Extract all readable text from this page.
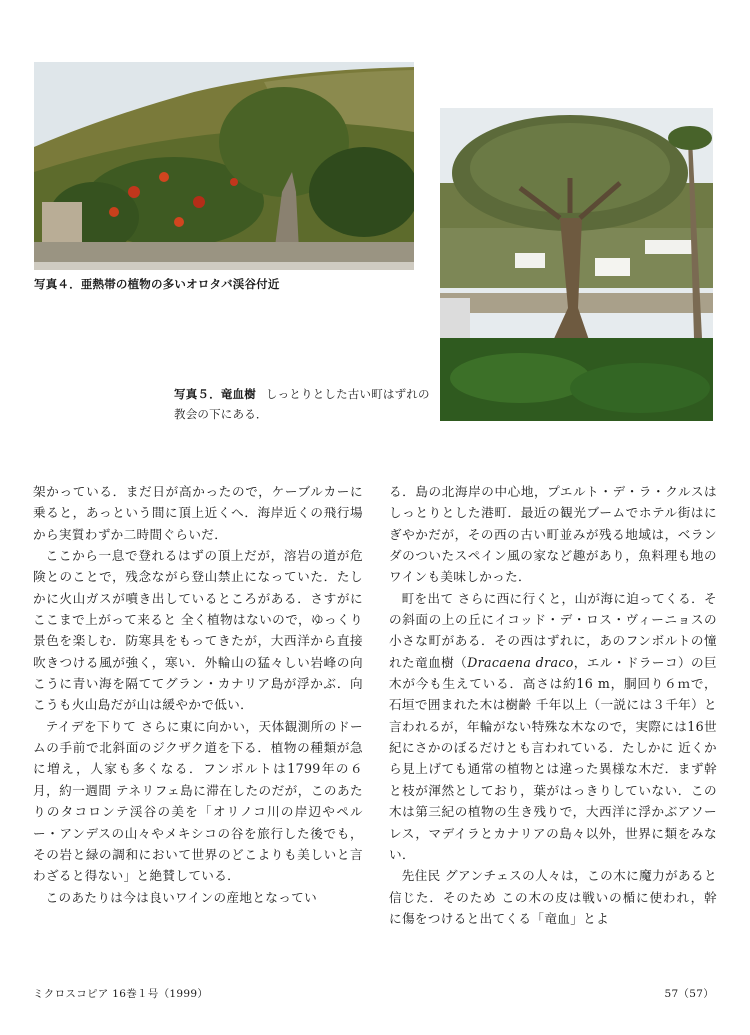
写真４．亜熱帯の植物の多いオロタバ渓谷付近
写真５．竜血樹 しっとりとした古い町はずれの教会の下にある．

架かっている．まだ日が高かったので，ケーブルカーに乗ると，あっという間に頂上近くへ．海岸近くの飛行場から実質わずか二時間ぐらいだ．

ここから一息で登れるはずの頂上だが，溶岩の道が危険とのことで，残念ながら登山禁止になっていた．たしかに火山ガスが噴き出しているところがある．さすがに ここまで上がって来ると 全く植物はないので，ゆっくり景色を楽しむ．防寒具をもってきたが，大西洋から直接 吹きつける風が強く，寒い．外輪山の猛々しい岩峰の向こうに青い海を隔ててグラン・カナリア島が浮かぶ．向こうも火山島だが山は緩やかで低い．

テイデを下りて さらに東に向かい，天体観測所のドームの手前で北斜面のジクザク道を下る．植物の種類が急に増え，人家も多くなる．フンボルトは1799年の６月，約一週間 テネリフェ島に滞在したのだが，このあたりのタコロンテ渓谷の美を「オリノコ川の岸辺やペルー・アンデスの山々やメキシコの谷を旅行した後でも，その岩と緑の調和において世界のどこよりも美しいと言わざると得ない」と絶賛している．

このあたりは今は良いワインの産地となってい

る．島の北海岸の中心地，プエルト・デ・ラ・クルスは しっとりとした港町．最近の観光ブームでホテル街はにぎやかだが，その西の古い町並みが残る地域は，ベランダのついたスペイン風の家など趣があり，魚料理も地のワインも美味しかった．

町を出て さらに西に行くと，山が海に迫ってくる．その斜面の上の丘にイコッド・デ・ロス・ヴィーニョスの小さな町がある．その西はずれに，あのフンボルトの憧れた竜血樹（Dracaena draco，エル・ドラーコ）の巨木が今も生えている．高さは約16 m，胴回り６ｍで，石垣で囲まれた木は樹齢 千年以上（一説には３千年）と言われるが，年輪がない特殊な木なので，実際には16世紀にさかのぼるだけとも言われている．たしかに 近くから見上げても通常の植物とは違った異様な木だ．まず幹と枝が渾然としており，葉がはっきりしていない．この木は第三紀の植物の生き残りで，大西洋に浮かぶアソーレス，マデイラとカナリアの島々以外，世界に類をみない．

先住民 グアンチェスの人々は，この木に魔力があると信じた．そのため この木の皮は戦いの楯に使われ，幹に傷をつけると出てくる「竜血」とよ

ミクロスコピア 16巻１号（1999）	57（57）
